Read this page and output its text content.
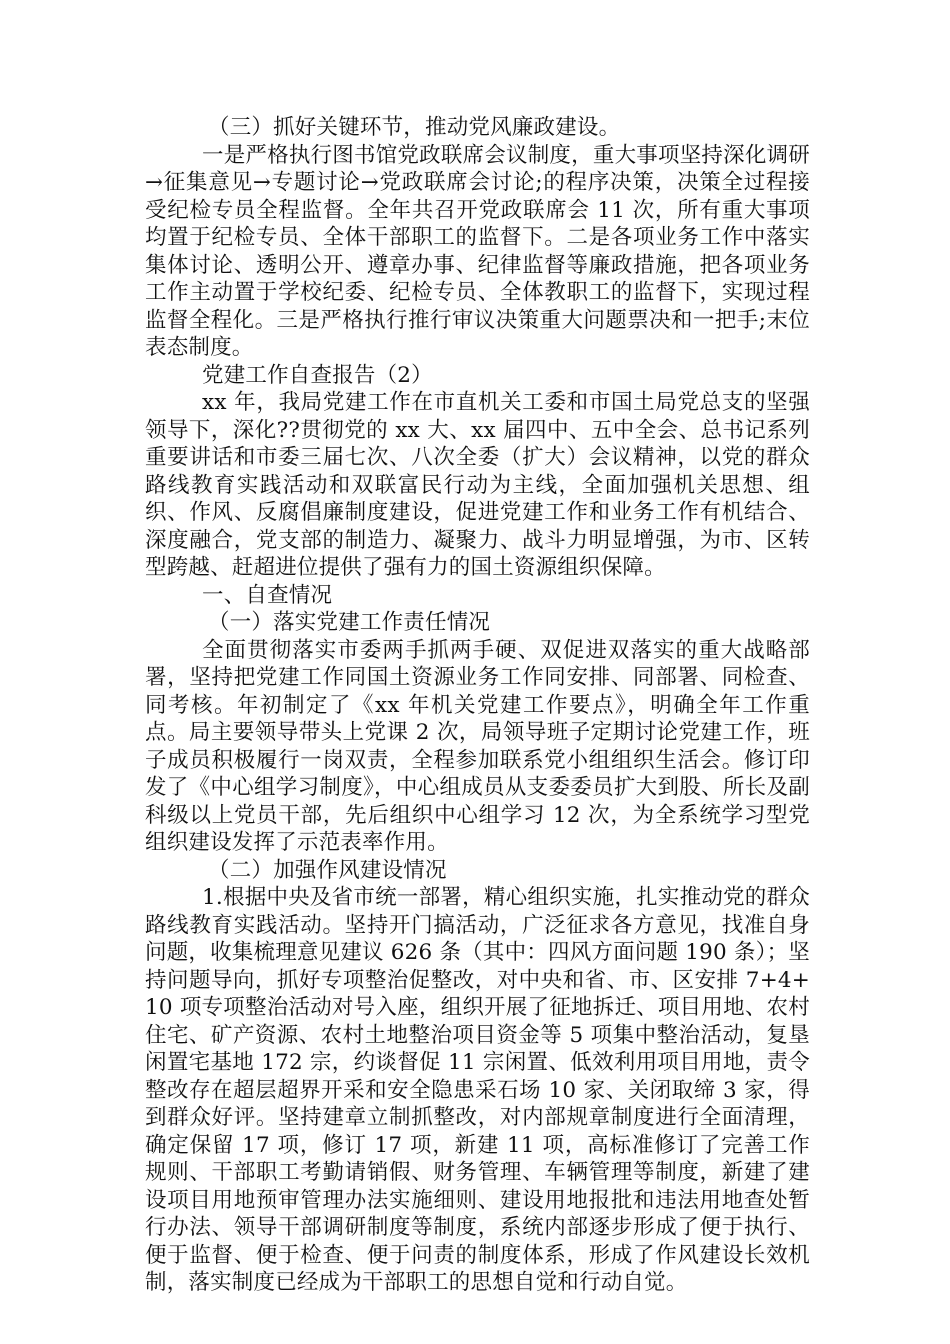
（三）抓好关键环节，推动党风廉政建设。

一是严格执行图书馆党政联席会议制度，重大事项坚持深化调研→征集意见→专题讨论→党政联席会讨论;的程序决策，决策全过程接受纪检专员全程监督。全年共召开党政联席会 11 次，所有重大事项均置于纪检专员、全体干部职工的监督下。二是各项业务工作中落实集体讨论、透明公开、遵章办事、纪律监督等廉政措施，把各项业务工作主动置于学校纪委、纪检专员、全体教职工的监督下，实现过程监督全程化。三是严格执行推行审议决策重大问题票决和一把手;末位表态制度。

党建工作自查报告（2）

xx 年，我局党建工作在市直机关工委和市国土局党总支的坚强领导下，深化??贯彻党的 xx 大、xx 届四中、五中全会、总书记系列重要讲话和市委三届七次、八次全委（扩大）会议精神，以党的群众路线教育实践活动和双联富民行动为主线，全面加强机关思想、组织、作风、反腐倡廉制度建设，促进党建工作和业务工作有机结合、深度融合，党支部的制造力、凝聚力、战斗力明显增强，为市、区转型跨越、赶超进位提供了强有力的国土资源组织保障。

一、自查情况

（一）落实党建工作责任情况

全面贯彻落实市委两手抓两手硬、双促进双落实的重大战略部署，坚持把党建工作同国土资源业务工作同安排、同部署、同检查、同考核。年初制定了《xx 年机关党建工作要点》，明确全年工作重点。局主要领导带头上党课 2 次，局领导班子定期讨论党建工作，班子成员积极履行一岗双责，全程参加联系党小组组织生活会。修订印发了《中心组学习制度》，中心组成员从支委委员扩大到股、所长及副科级以上党员干部，先后组织中心组学习 12 次，为全系统学习型党组织建设发挥了示范表率作用。

（二）加强作风建设情况

1.根据中央及省市统一部署，精心组织实施，扎实推动党的群众路线教育实践活动。坚持开门搞活动，广泛征求各方意见，找准自身问题，收集梳理意见建议 626 条（其中：四风方面问题 190 条）；坚持问题导向，抓好专项整治促整改，对中央和省、市、区安排 7+4+10 项专项整治活动对号入座，组织开展了征地拆迁、项目用地、农村住宅、矿产资源、农村土地整治项目资金等 5 项集中整治活动，复垦闲置宅基地 172 宗，约谈督促 11 宗闲置、低效利用项目用地，责令整改存在超层超界开采和安全隐患采石场 10 家、关闭取缔 3 家，得到群众好评。坚持建章立制抓整改，对内部规章制度进行全面清理，确定保留 17 项，修订 17 项，新建 11 项，高标准修订了完善工作规则、干部职工考勤请销假、财务管理、车辆管理等制度，新建了建设项目用地预审管理办法实施细则、建设用地报批和违法用地查处暂行办法、领导干部调研制度等制度，系统内部逐步形成了便于执行、便于监督、便于检查、便于问责的制度体系，形成了作风建设长效机制，落实制度已经成为干部职工的思想自觉和行动自觉。
